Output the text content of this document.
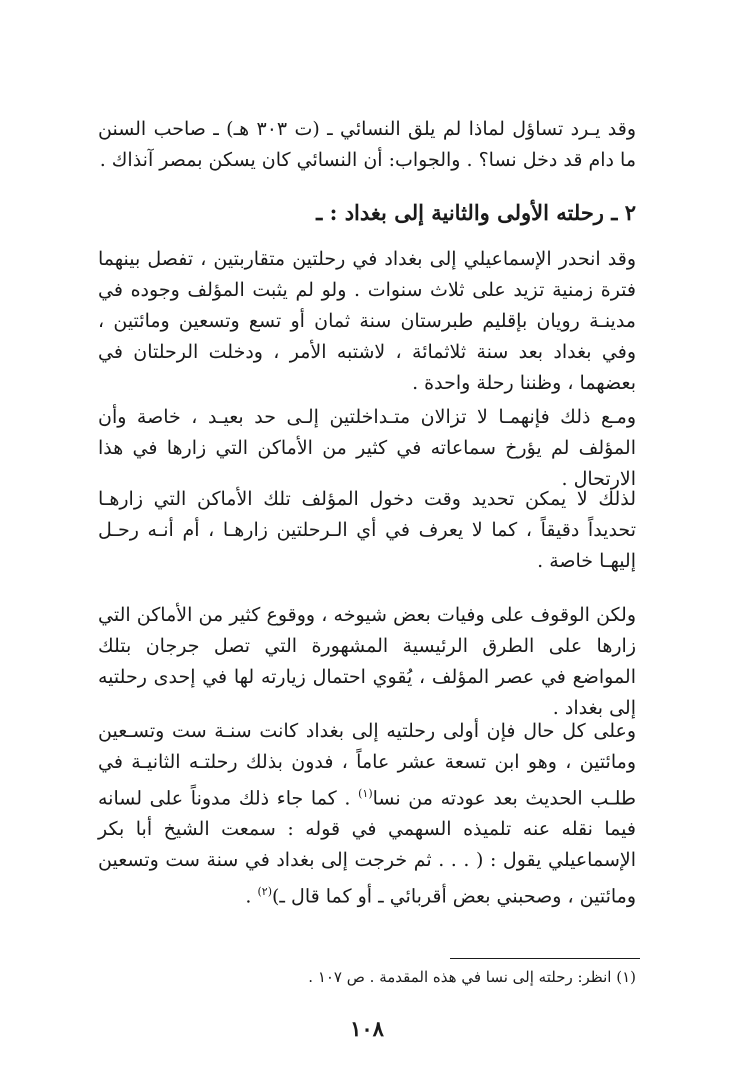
وقد يـرد تساؤل لماذا لم يلق النسائي ـ (ت ٣٠٣ هـ) ـ صاحب السنن ما دام قد دخل نسا؟ . والجواب: أن النسائي كان يسكن بمصر آنذاك .

٢ ـ رحلته الأولى والثانية إلى بغداد : ـ

وقد انحدر الإسماعيلي إلى بغداد في رحلتين متقاربتين ، تفصل بينهما فترة زمنية تزيد على ثلاث سنوات . ولو لم يثبت المؤلف وجوده في مدينـة رويان بإقليم طبرستان سنة ثمان أو تسع وتسعين ومائتين ، وفي بغداد بعد سنة ثلاثمائة ، لاشتبه الأمر ، ودخلت الرحلتان في بعضهما ، وظننا رحلة واحدة .

ومـع ذلك فإنهمـا لا تزالان متـداخلتين إلـى حد بعيـد ، خاصة وأن المؤلف لم يؤرخ سماعاته في كثير من الأماكن التي زارها في هذا الارتحال .

لذلك لا يمكن تحديد وقت دخول المؤلف تلك الأماكن التي زارهـا تحديداً دقيقاً ، كما لا يعرف في أي الـرحلتين زارهـا ، أم أنـه رحـل إليهـا خاصة .

ولكن الوقوف على وفيات بعض شيوخه ، ووقوع كثير من الأماكن التي زارها على الطرق الرئيسية المشهورة التي تصل جرجان بتلك المواضع في عصر المؤلف ، يُقوي احتمال زيارته لها في إحدى رحلتيه إلى بغداد .

وعلى كل حال فإن أولى رحلتيه إلى بغداد كانت سنـة ست وتسـعين ومائتين ، وهو ابن تسعة عشر عاماً ، فدون بذلك رحلتـه الثانيـة في طلـب الحديث بعد عودته من نسا$^{(١)}$ . كما جاء ذلك مدوناً على لسانه فيما نقله عنه تلميذه السهمي في قوله : سمعت الشيخ أبا بكر الإسماعيلي يقول : ( . . . ثم خرجت إلى بغداد في سنة ست وتسعين ومائتين ، وصحبني بعض أقربائي ـ أو كما قال ـ)$^{(٢)}$ .

(١) انظر: رحلته إلى نسا في هذه المقدمة . ص ١٠٧ .
١٠٨
